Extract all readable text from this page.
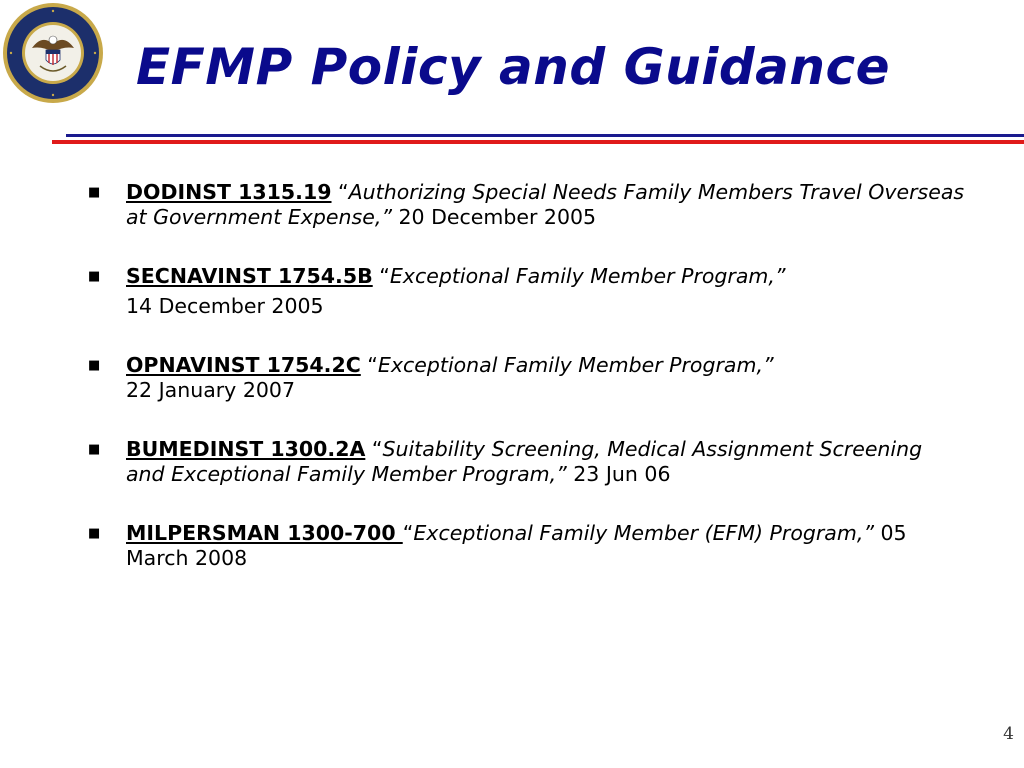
EFMP Policy and Guidance
■ DODINST 1315.19 “Authorizing Special Needs Family Members Travel Overseas at Government Expense,” 20 December 2005
■ SECNAVINST 1754.5B “Exceptional Family Member Program,”
14 December 2005
■ OPNAVINST 1754.2C “Exceptional Family Member Program,”
22 January 2007
■ BUMEDINST 1300.2A “Suitability Screening, Medical Assignment Screening and Exceptional Family Member Program,” 23 Jun 06
■ MILPERSMAN 1300-700 “Exceptional Family Member (EFM) Program,” 05 March 2008
4
